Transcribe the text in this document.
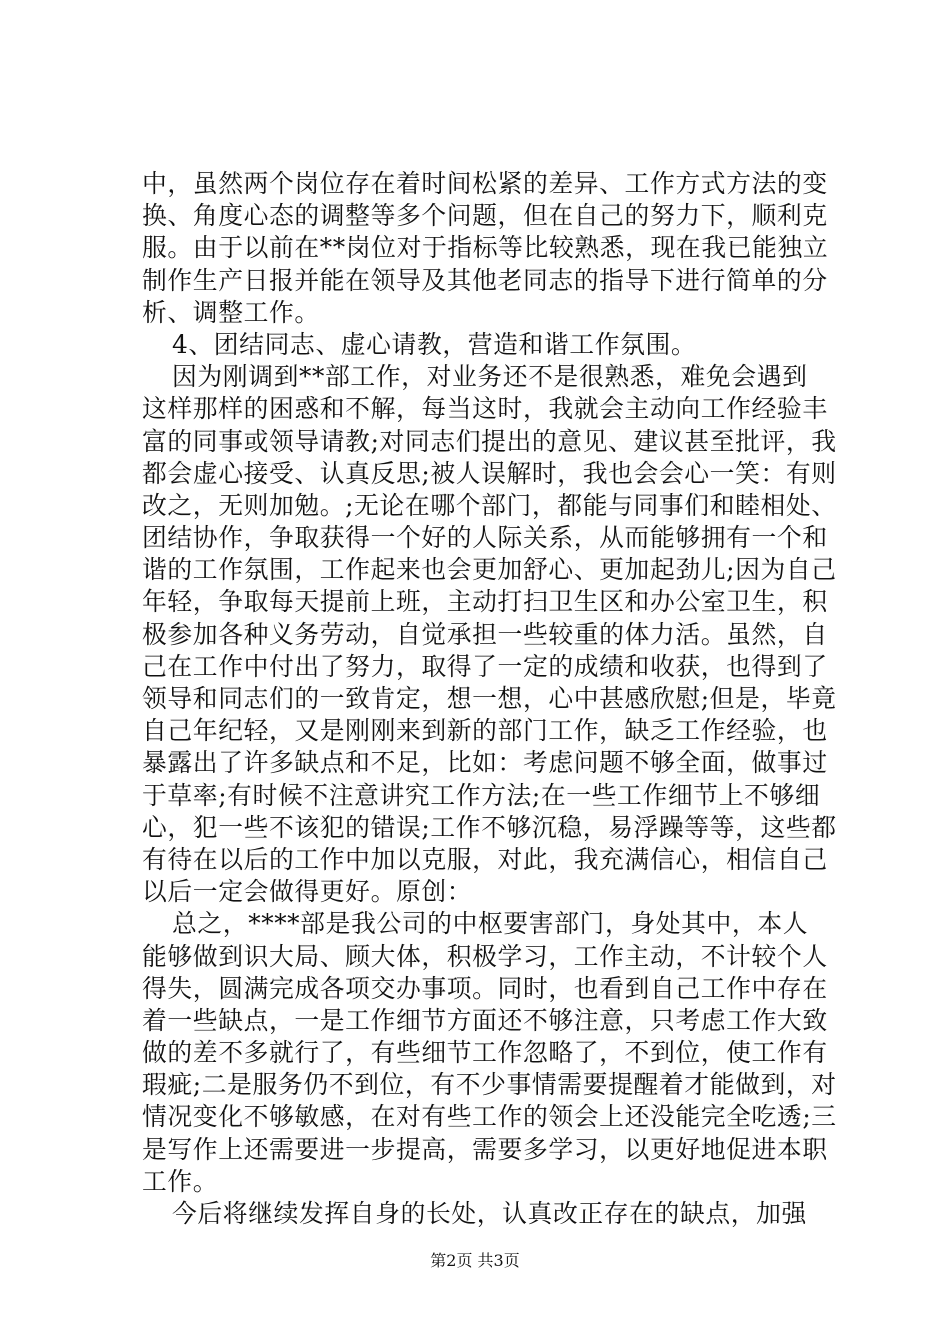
中，虽然两个岗位存在着时间松紧的差异、工作方式方法的变
换、角度心态的调整等多个问题，但在自己的努力下，顺利克
服。由于以前在**岗位对于指标等比较熟悉，现在我已能独立
制作生产日报并能在领导及其他老同志的指导下进行简单的分
析、调整工作。
4、团结同志、虚心请教，营造和谐工作氛围。
因为刚调到**部工作，对业务还不是很熟悉，难免会遇到
这样那样的困惑和不解，每当这时，我就会主动向工作经验丰
富的同事或领导请教;对同志们提出的意见、建议甚至批评，我
都会虚心接受、认真反思;被人误解时，我也会会心一笑：有则
改之，无则加勉。;无论在哪个部门，都能与同事们和睦相处、
团结协作，争取获得一个好的人际关系，从而能够拥有一个和
谐的工作氛围，工作起来也会更加舒心、更加起劲儿;因为自己
年轻，争取每天提前上班，主动打扫卫生区和办公室卫生，积
极参加各种义务劳动，自觉承担一些较重的体力活。虽然，自
己在工作中付出了努力，取得了一定的成绩和收获，也得到了
领导和同志们的一致肯定，想一想，心中甚感欣慰;但是，毕竟
自己年纪轻，又是刚刚来到新的部门工作，缺乏工作经验，也
暴露出了许多缺点和不足，比如：考虑问题不够全面，做事过
于草率;有时候不注意讲究工作方法;在一些工作细节上不够细
心，犯一些不该犯的错误;工作不够沉稳，易浮躁等等，这些都
有待在以后的工作中加以克服，对此，我充满信心，相信自己
以后一定会做得更好。原创：
总之，****部是我公司的中枢要害部门，身处其中，本人
能够做到识大局、顾大体，积极学习，工作主动，不计较个人
得失，圆满完成各项交办事项。同时，也看到自己工作中存在
着一些缺点，一是工作细节方面还不够注意，只考虑工作大致
做的差不多就行了，有些细节工作忽略了，不到位，使工作有
瑕疵;二是服务仍不到位，有不少事情需要提醒着才能做到，对
情况变化不够敏感，在对有些工作的领会上还没能完全吃透;三
是写作上还需要进一步提高，需要多学习，以更好地促进本职
工作。
今后将继续发挥自身的长处，认真改正存在的缺点，加强
第2页 共3页
